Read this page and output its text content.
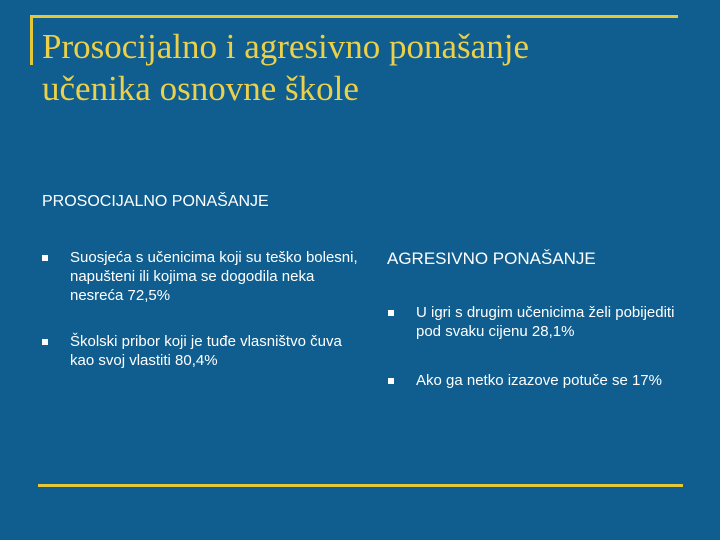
Prosocijalno i agresivno ponašanje
učenika osnovne škole
PROSOCIJALNO PONAŠANJE
Suosjeća s učenicima koji su teško bolesni, napušteni ili kojima se dogodila neka nesreća 72,5%
Školski pribor koji je tuđe vlasništvo čuva kao svoj vlastiti 80,4%
AGRESIVNO PONAŠANJE
U igri s drugim učenicima želi pobijediti pod svaku cijenu 28,1%
Ako ga netko izazove potuče se 17%
